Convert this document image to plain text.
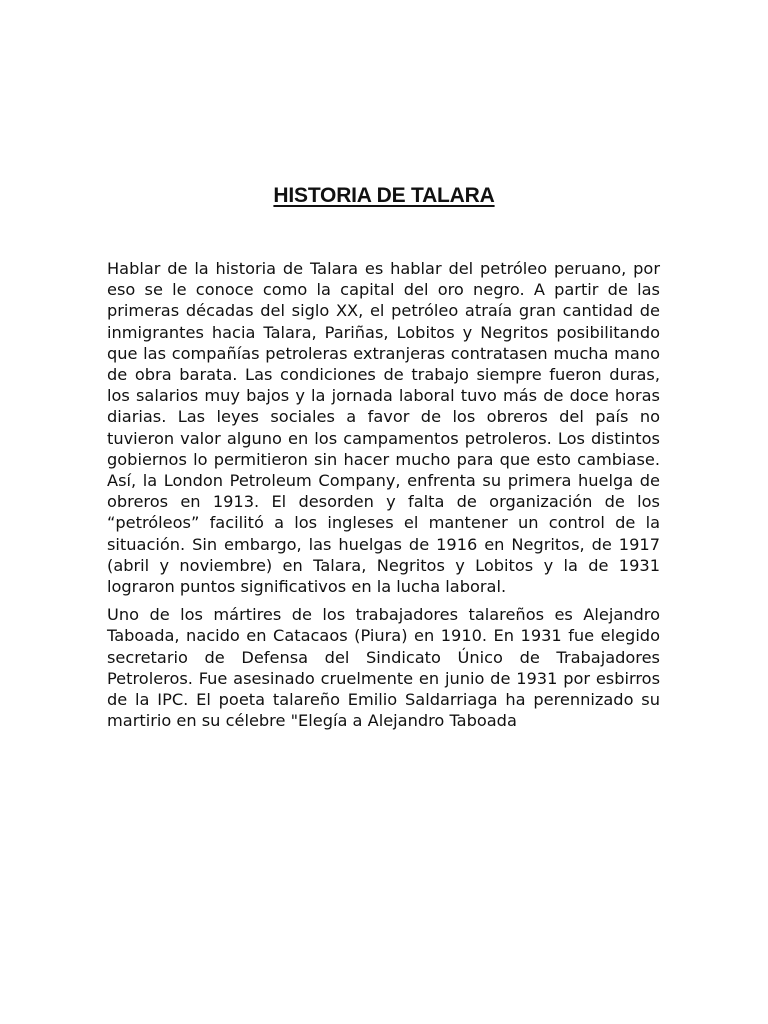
HISTORIA DE TALARA

Hablar de la historia de Talara es hablar del petróleo peruano, por eso se le conoce como la capital del oro negro. A partir de las primeras décadas del siglo XX, el petróleo atraía gran cantidad de inmigrantes hacia Talara, Pariñas, Lobitos y Negritos posibilitando que las compañías petroleras extranjeras contratasen mucha mano de obra barata. Las condiciones de trabajo siempre fueron duras, los salarios muy bajos y la jornada laboral tuvo más de doce horas diarias. Las leyes sociales a favor de los obreros del país no tuvieron valor alguno en los campamentos petroleros. Los distintos gobiernos lo permitieron sin hacer mucho para que esto cambiase. Así, la London Petroleum Company, enfrenta su primera huelga de obreros en 1913. El desorden y falta de organización de los “petróleos” facilitó a los ingleses el mantener un control de la situación. Sin embargo, las huelgas de 1916 en Negritos, de 1917 (abril y noviembre) en Talara, Negritos y Lobitos y la de 1931 lograron puntos significativos en la lucha laboral.

Uno de los mártires de los trabajadores talareños es Alejandro Taboada, nacido en Catacaos (Piura) en 1910. En 1931 fue elegido secretario de Defensa del Sindicato Único de Trabajadores Petroleros. Fue asesinado cruelmente en junio de 1931 por esbirros de la IPC. El poeta talareño Emilio Saldarriaga ha perennizado su martirio en su célebre "Elegía a Alejandro Taboada
